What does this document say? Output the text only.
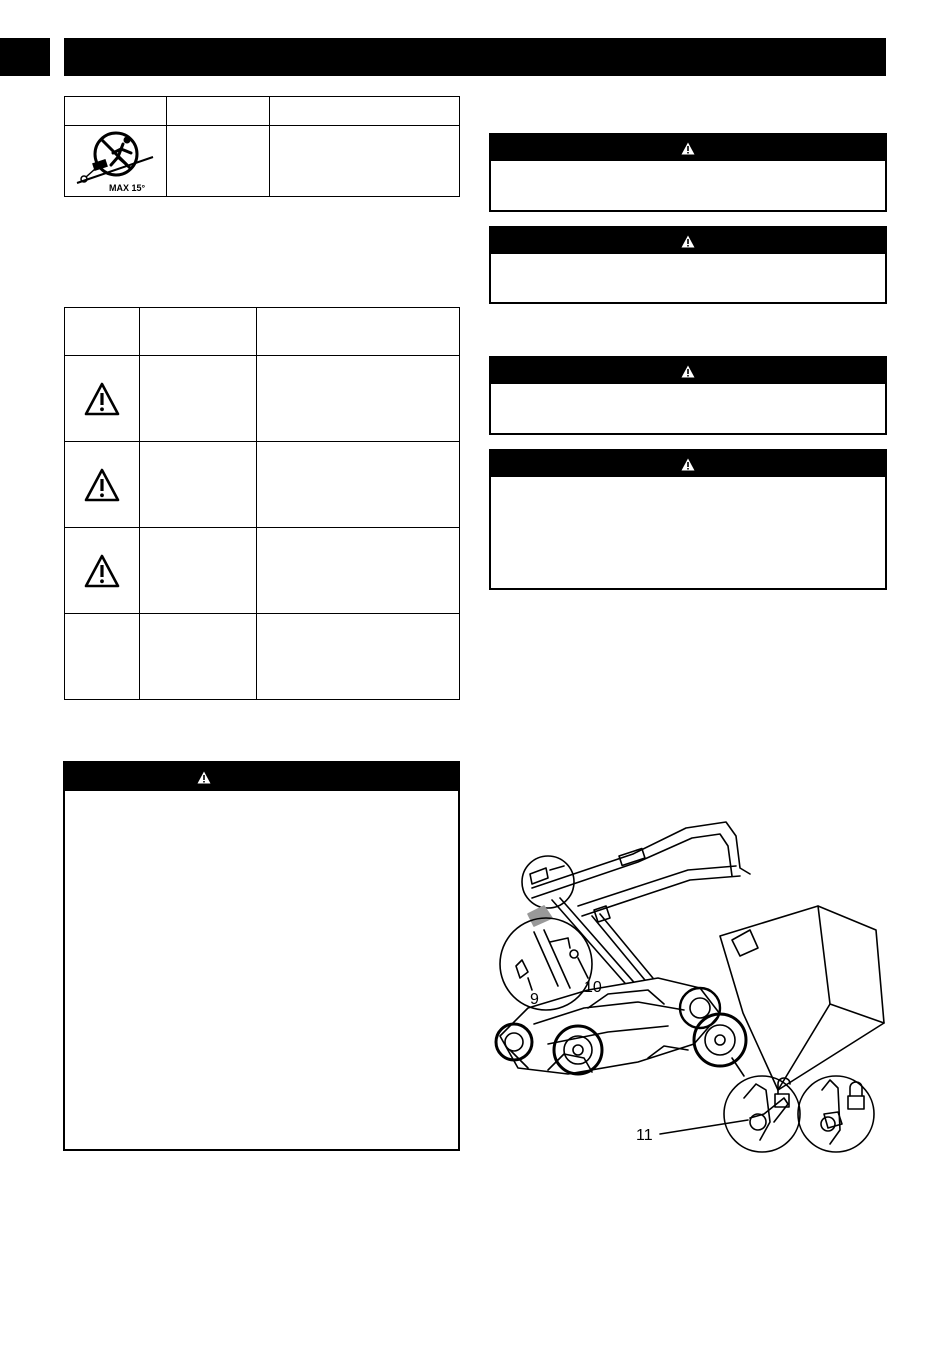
MAX 15°		

9
10
11
